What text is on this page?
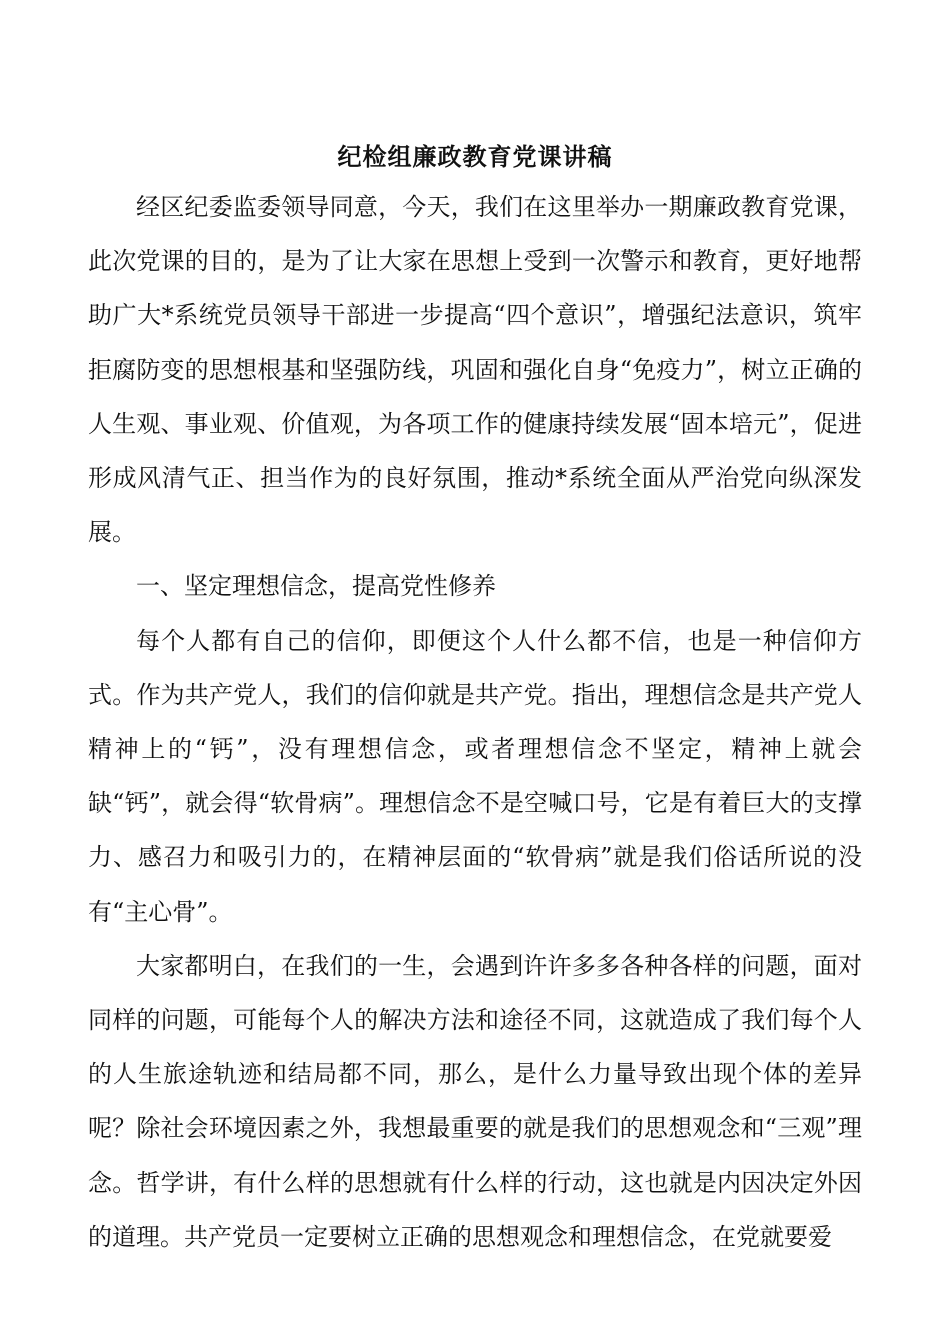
纪检组廉政教育党课讲稿

经区纪委监委领导同意，今天，我们在这里举办一期廉政教育党课，此次党课的目的，是为了让大家在思想上受到一次警示和教育，更好地帮助广大*系统党员领导干部进一步提高“四个意识”，增强纪法意识，筑牢拒腐防变的思想根基和坚强防线，巩固和强化自身“免疫力”，树立正确的人生观、事业观、价值观，为各项工作的健康持续发展“固本培元”，促进形成风清气正、担当作为的良好氛围，推动*系统全面从严治党向纵深发展。

一、坚定理想信念，提高党性修养

每个人都有自己的信仰，即便这个人什么都不信，也是一种信仰方式。作为共产党人，我们的信仰就是共产党。指出，理想信念是共产党人精神上的“钙”，没有理想信念，或者理想信念不坚定，精神上就会缺“钙”，就会得“软骨病”。理想信念不是空喊口号，它是有着巨大的支撑力、感召力和吸引力的，在精神层面的“软骨病”就是我们俗话所说的没有“主心骨”。

大家都明白，在我们的一生，会遇到许许多多各种各样的问题，面对同样的问题，可能每个人的解决方法和途径不同，这就造成了我们每个人的人生旅途轨迹和结局都不同，那么，是什么力量导致出现个体的差异呢？除社会环境因素之外，我想最重要的就是我们的思想观念和“三观”理念。哲学讲，有什么样的思想就有什么样的行动，这也就是内因决定外因的道理。共产党员一定要树立正确的思想观念和理想信念，在党就要爱
